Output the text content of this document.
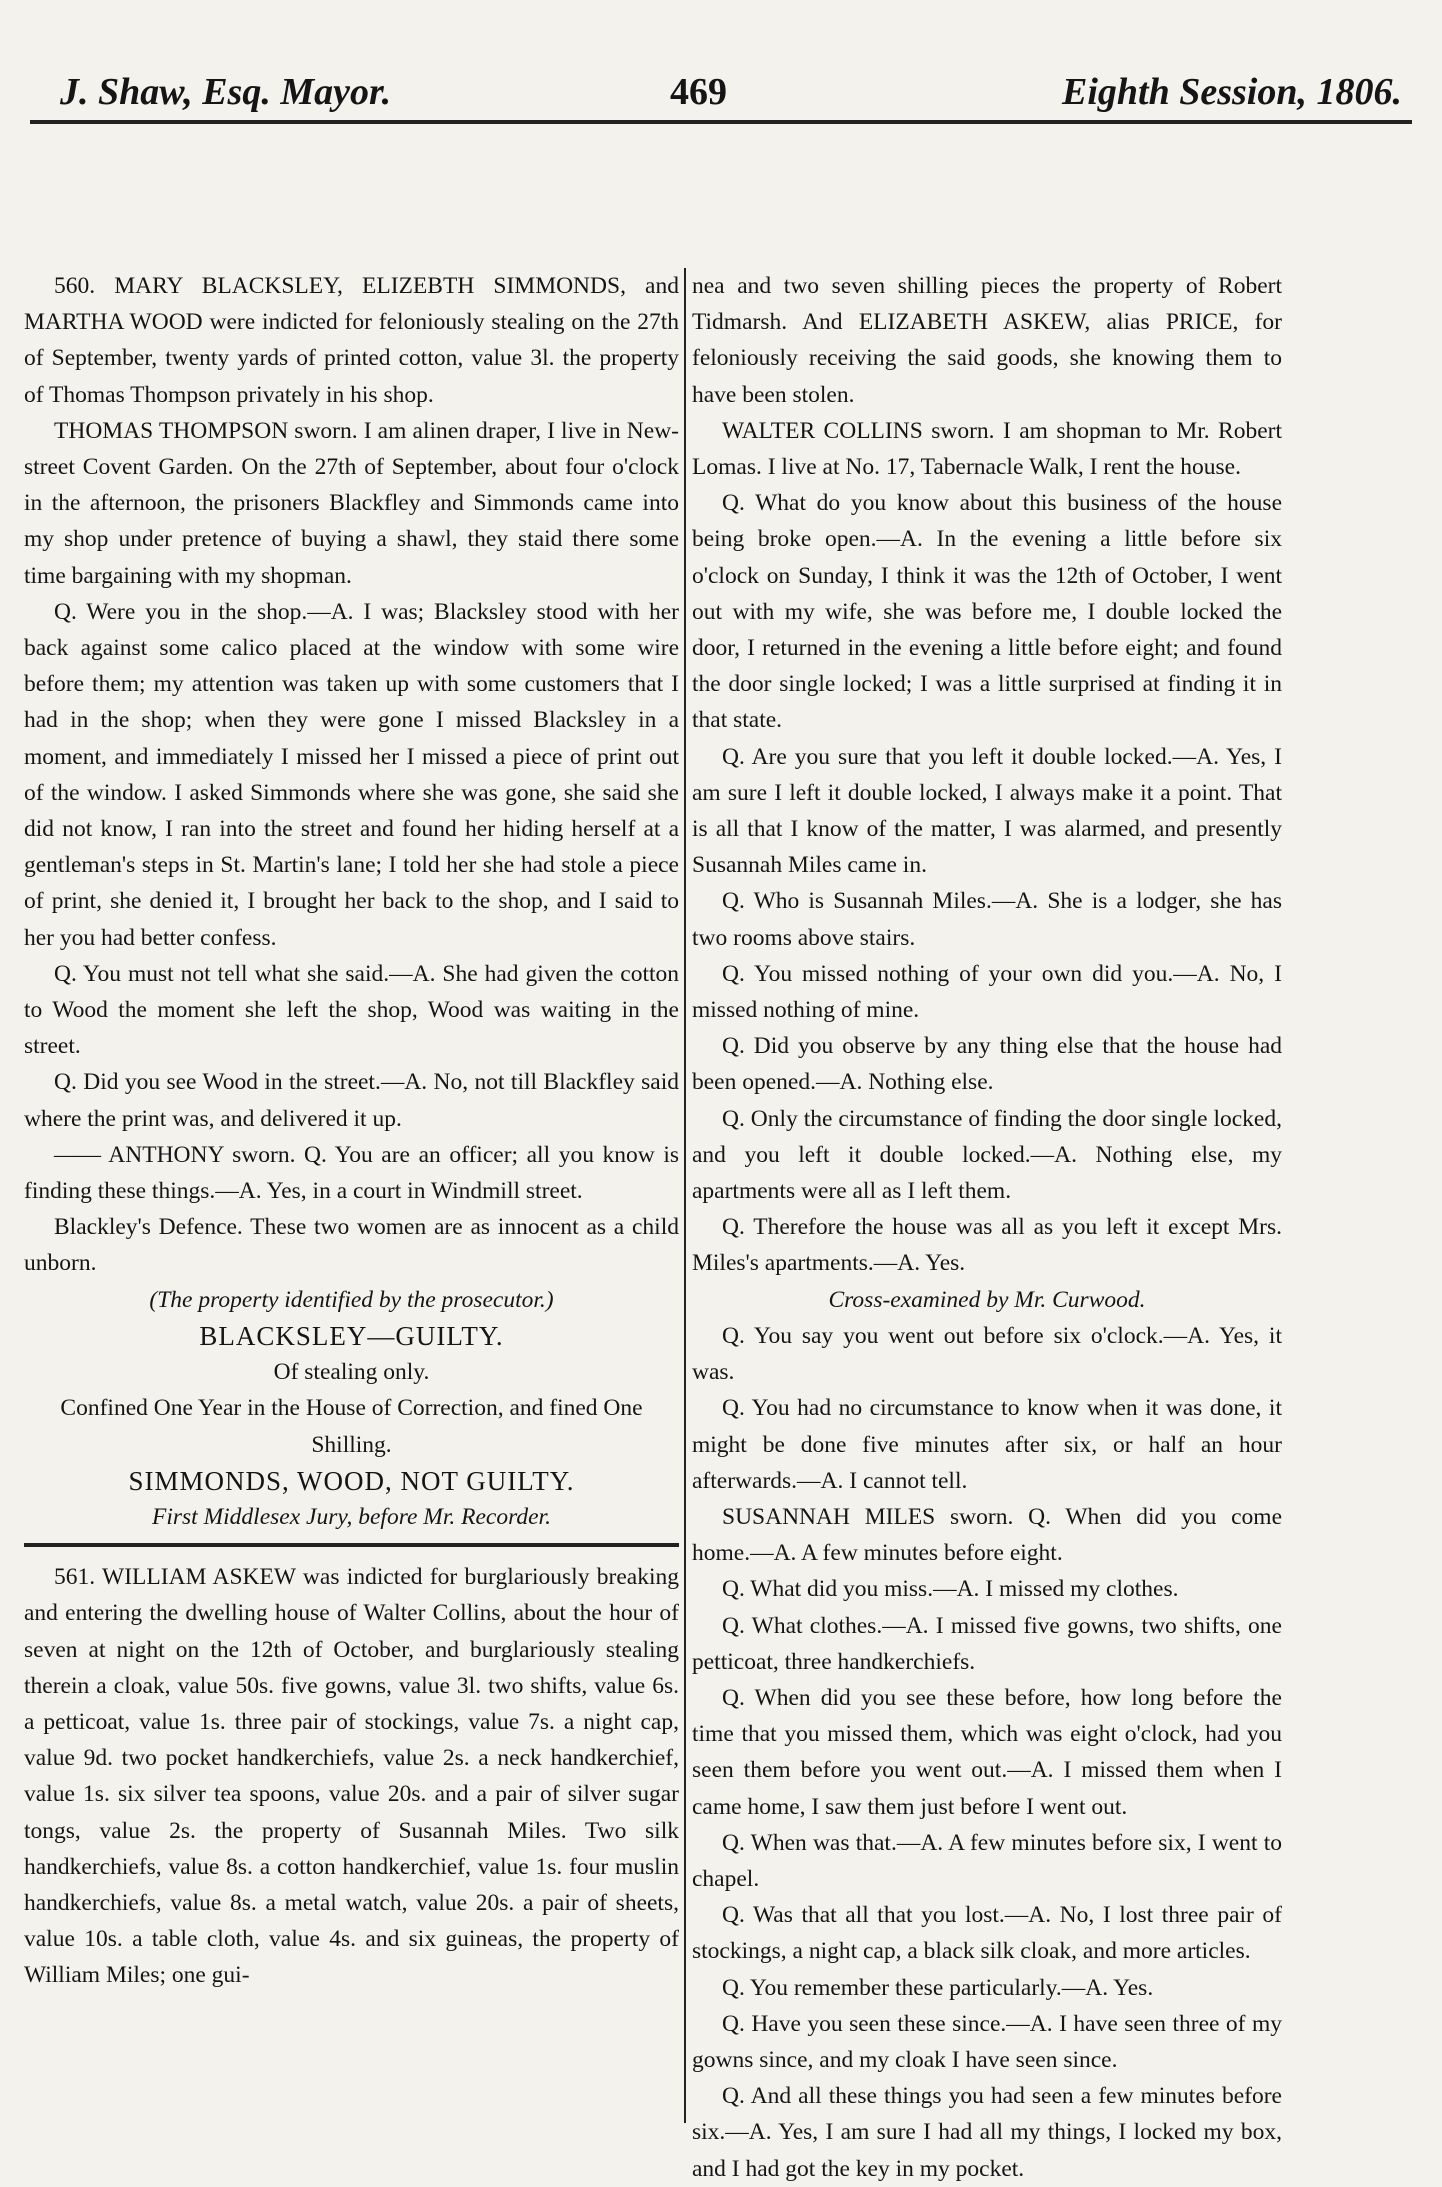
J. Shaw, Esq. Mayor.	469	Eighth Session, 1806.

560. MARY BLACKSLEY, ELIZEBTH SIMMONDS, and MARTHA WOOD were indicted for feloniously stealing on the 27th of September, twenty yards of printed cotton, value 3l. the property of Thomas Thompson privately in his shop.

THOMAS THOMPSON sworn. I am alinen draper, I live in New-street Covent Garden. On the 27th of September, about four o'clock in the afternoon, the prisoners Blackfley and Simmonds came into my shop under pretence of buying a shawl, they staid there some time bargaining with my shopman.

Q. Were you in the shop.—A. I was; Blacksley stood with her back against some calico placed at the window with some wire before them; my attention was taken up with some customers that I had in the shop; when they were gone I missed Blacksley in a moment, and immediately I missed her I missed a piece of print out of the window. I asked Simmonds where she was gone, she said she did not know, I ran into the street and found her hiding herself at a gentleman's steps in St. Martin's lane; I told her she had stole a piece of print, she denied it, I brought her back to the shop, and I said to her you had better confess.

Q. You must not tell what she said.—A. She had given the cotton to Wood the moment she left the shop, Wood was waiting in the street.

Q. Did you see Wood in the street.—A. No, not till Blackfley said where the print was, and delivered it up.

—— ANTHONY sworn. Q. You are an officer; all you know is finding these things.—A. Yes, in a court in Windmill street.

Blackley's Defence. These two women are as innocent as a child unborn.

(The property identified by the prosecutor.)

BLACKSLEY—GUILTY.

Of stealing only.

Confined One Year in the House of Correction, and fined One Shilling.

SIMMONDS, WOOD, NOT GUILTY.

First Middlesex Jury, before Mr. Recorder.

561. WILLIAM ASKEW was indicted for burglariously breaking and entering the dwelling house of Walter Collins, about the hour of seven at night on the 12th of October, and burglariously stealing therein a cloak, value 50s. five gowns, value 3l. two shifts, value 6s. a petticoat, value 1s. three pair of stockings, value 7s. a night cap, value 9d. two pocket handkerchiefs, value 2s. a neck handkerchief, value 1s. six silver tea spoons, value 20s. and a pair of silver sugar tongs, value 2s. the property of Susannah Miles. Two silk handkerchiefs, value 8s. a cotton handkerchief, value 1s. four muslin handkerchiefs, value 8s. a metal watch, value 20s. a pair of sheets, value 10s. a table cloth, value 4s. and six guineas, the property of William Miles; one gui-

nea and two seven shilling pieces the property of Robert Tidmarsh. And ELIZABETH ASKEW, alias PRICE, for feloniously receiving the said goods, she knowing them to have been stolen.

WALTER COLLINS sworn. I am shopman to Mr. Robert Lomas. I live at No. 17, Tabernacle Walk, I rent the house.

Q. What do you know about this business of the house being broke open.—A. In the evening a little before six o'clock on Sunday, I think it was the 12th of October, I went out with my wife, she was before me, I double locked the door, I returned in the evening a little before eight; and found the door single locked; I was a little surprised at finding it in that state.

Q. Are you sure that you left it double locked.—A. Yes, I am sure I left it double locked, I always make it a point. That is all that I know of the matter, I was alarmed, and presently Susannah Miles came in.

Q. Who is Susannah Miles.—A. She is a lodger, she has two rooms above stairs.

Q. You missed nothing of your own did you.—A. No, I missed nothing of mine.

Q. Did you observe by any thing else that the house had been opened.—A. Nothing else.

Q. Only the circumstance of finding the door single locked, and you left it double locked.—A. Nothing else, my apartments were all as I left them.

Q. Therefore the house was all as you left it except Mrs. Miles's apartments.—A. Yes.

Cross-examined by Mr. Curwood.

Q. You say you went out before six o'clock.—A. Yes, it was.

Q. You had no circumstance to know when it was done, it might be done five minutes after six, or half an hour afterwards.—A. I cannot tell.

SUSANNAH MILES sworn. Q. When did you come home.—A. A few minutes before eight.

Q. What did you miss.—A. I missed my clothes.

Q. What clothes.—A. I missed five gowns, two shifts, one petticoat, three handkerchiefs.

Q. When did you see these before, how long before the time that you missed them, which was eight o'clock, had you seen them before you went out.—A. I missed them when I came home, I saw them just before I went out.

Q. When was that.—A. A few minutes before six, I went to chapel.

Q. Was that all that you lost.—A. No, I lost three pair of stockings, a night cap, a black silk cloak, and more articles.

Q. You remember these particularly.—A. Yes.

Q. Have you seen these since.—A. I have seen three of my gowns since, and my cloak I have seen since.

Q. And all these things you had seen a few minutes before six.—A. Yes, I am sure I had all my things, I locked my box, and I had got the key in my pocket.
